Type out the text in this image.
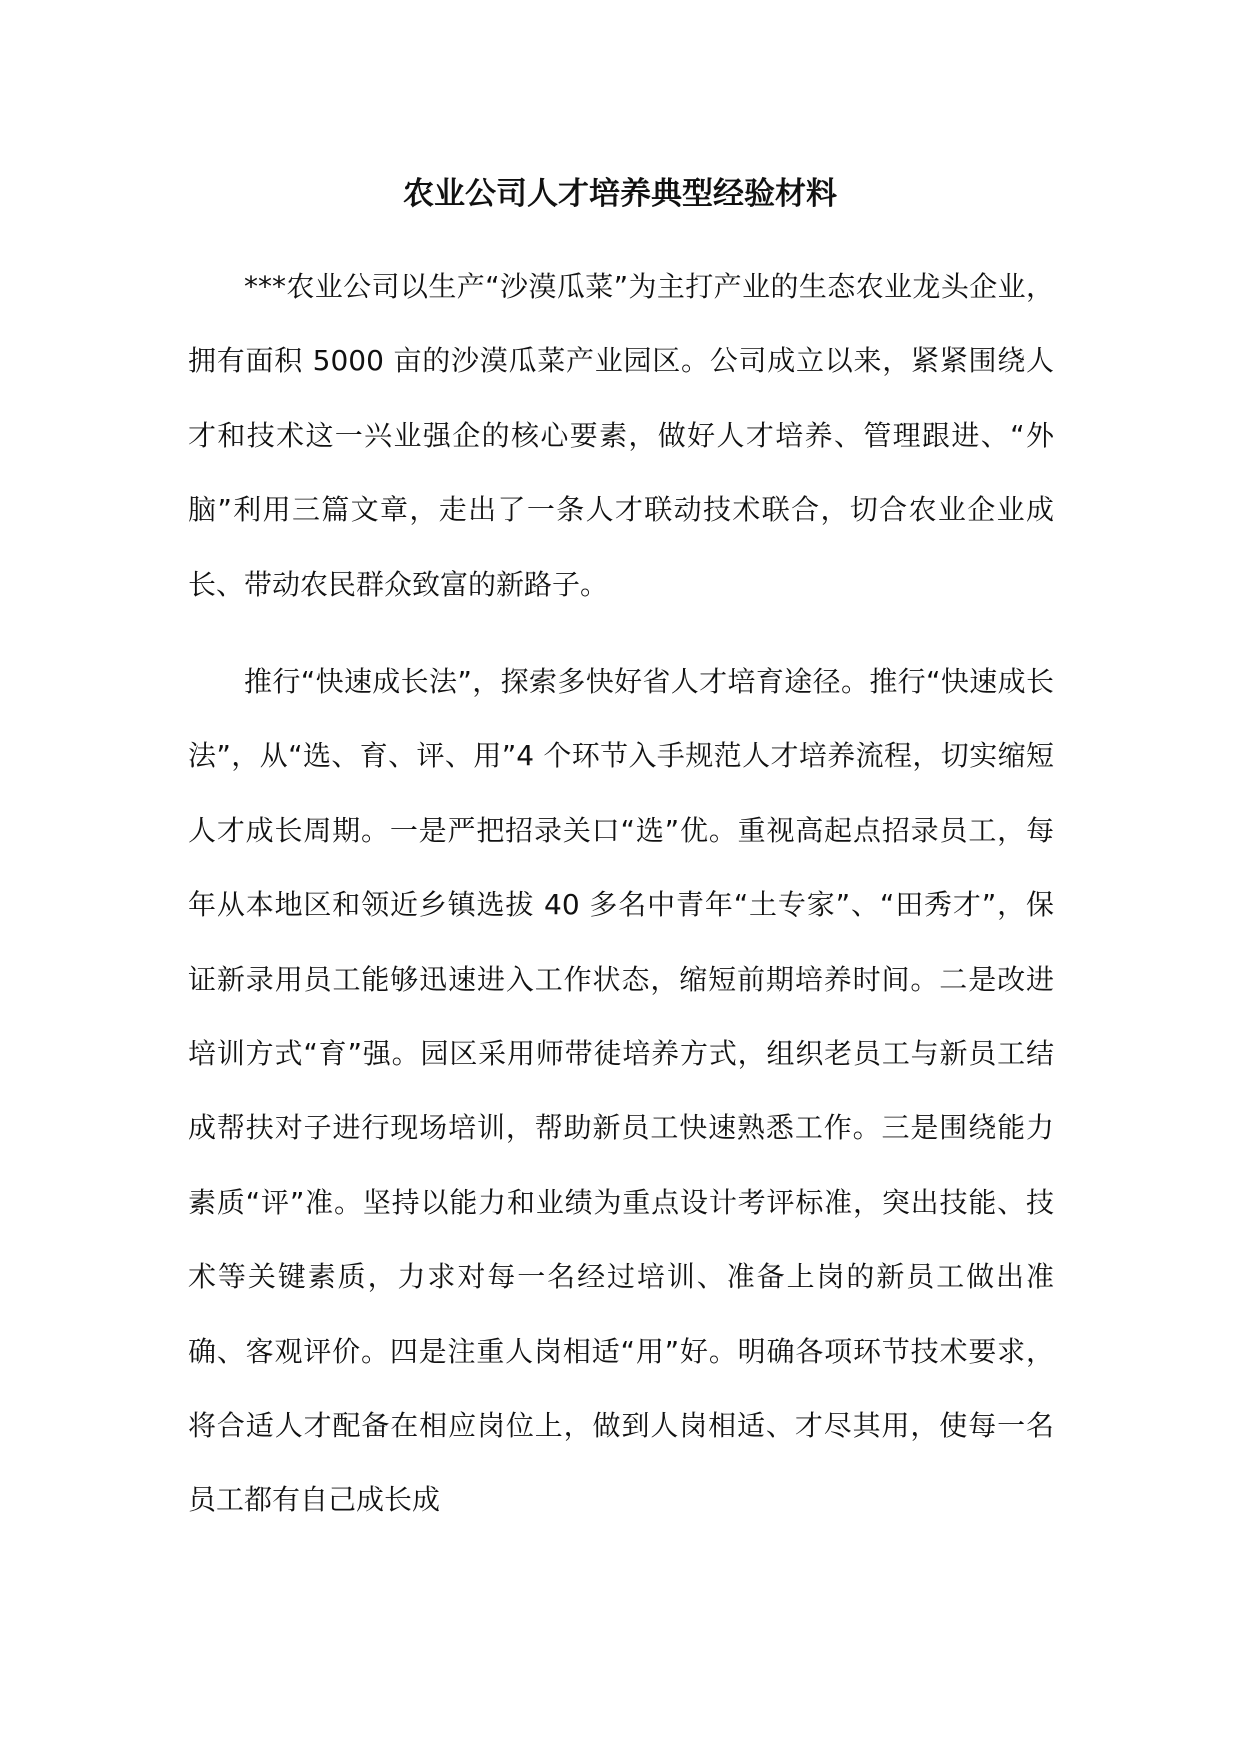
农业公司人才培养典型经验材料

***农业公司以生产“沙漠瓜菜”为主打产业的生态农业龙头企业，拥有面积 5000 亩的沙漠瓜菜产业园区。公司成立以来，紧紧围绕人才和技术这一兴业强企的核心要素，做好人才培养、管理跟进、“外脑”利用三篇文章，走出了一条人才联动技术联合，切合农业企业成长、带动农民群众致富的新路子。

推行“快速成长法”，探索多快好省人才培育途径。推行“快速成长法”，从“选、育、评、用”4 个环节入手规范人才培养流程，切实缩短人才成长周期。一是严把招录关口“选”优。重视高起点招录员工，每年从本地区和领近乡镇选拔 40 多名中青年“土专家”、“田秀才”，保证新录用员工能够迅速进入工作状态，缩短前期培养时间。二是改进培训方式“育”强。园区采用师带徒培养方式，组织老员工与新员工结成帮扶对子进行现场培训，帮助新员工快速熟悉工作。三是围绕能力素质“评”准。坚持以能力和业绩为重点设计考评标准，突出技能、技术等关键素质，力求对每一名经过培训、准备上岗的新员工做出准确、客观评价。四是注重人岗相适“用”好。明确各项环节技术要求，将合适人才配备在相应岗位上，做到人岗相适、才尽其用，使每一名员工都有自己成长成
